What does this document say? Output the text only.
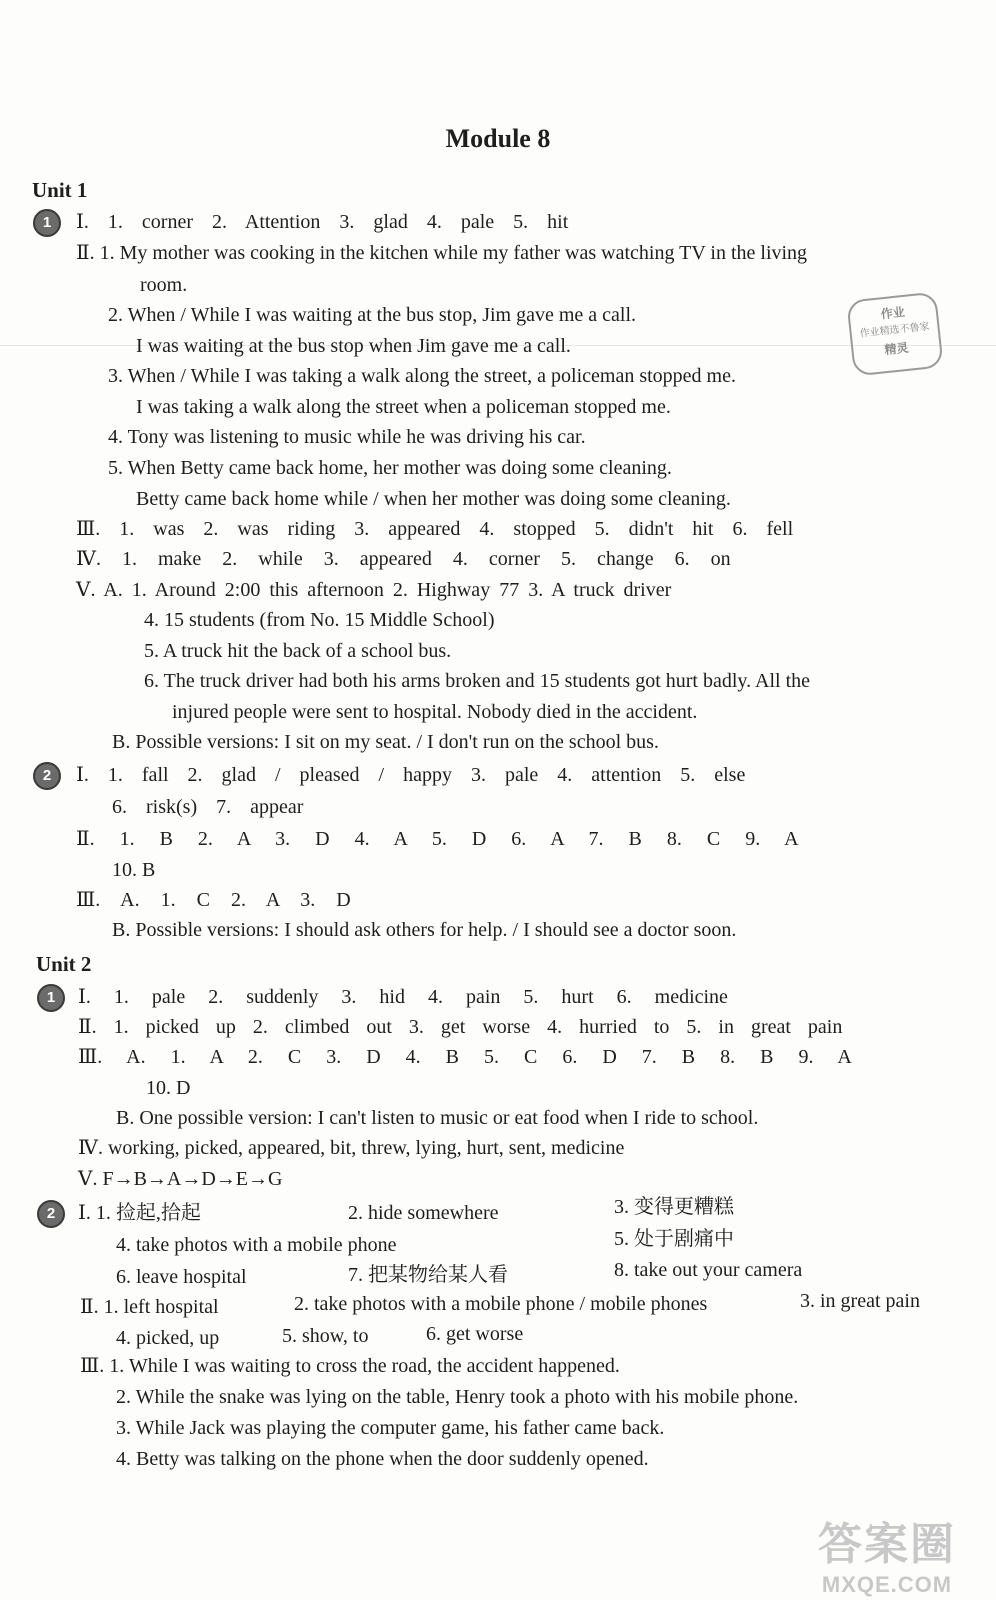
Module 8
Unit 1
1	Ⅰ. 1. corner 2. Attention 3. glad 4. pale 5. hit
Ⅱ. 1. My mother was cooking in the kitchen while my father was watching TV in the living
room.
2. When / While I was waiting at the bus stop, Jim gave me a call.
I was waiting at the bus stop when Jim gave me a call.
3. When / While I was taking a walk along the street, a policeman stopped me.
I was taking a walk along the street when a policeman stopped me.
4. Tony was listening to music while he was driving his car.
5. When Betty came back home, her mother was doing some cleaning.
Betty came back home while / when her mother was doing some cleaning.
Ⅲ. 1. was 2. was riding 3. appeared 4. stopped 5. didn't hit 6. fell
Ⅳ. 1. make 2. while 3. appeared 4. corner 5. change 6. on
Ⅴ. A. 1. Around 2:00 this afternoon 2. Highway 77 3. A truck driver
4. 15 students (from No. 15 Middle School)
5. A truck hit the back of a school bus.
6. The truck driver had both his arms broken and 15 students got hurt badly. All the
injured people were sent to hospital. Nobody died in the accident.
B. Possible versions: I sit on my seat. / I don't run on the school bus.
2	Ⅰ. 1. fall 2. glad / pleased / happy 3. pale 4. attention 5. else
6. risk(s) 7. appear
Ⅱ. 1. B 2. A 3. D 4. A 5. D 6. A 7. B 8. C 9. A
10. B
Ⅲ. A. 1. C 2. A 3. D
B. Possible versions: I should ask others for help. / I should see a doctor soon.
Unit 2
1	Ⅰ. 1. pale 2. suddenly 3. hid 4. pain 5. hurt 6. medicine
Ⅱ. 1. picked up 2. climbed out 3. get worse 4. hurried to 5. in great pain
Ⅲ. A. 1. A 2. C 3. D 4. B 5. C 6. D 7. B 8. B 9. A
10. D
B. One possible version: I can't listen to music or eat food when I ride to school.
Ⅳ. working, picked, appeared, bit, threw, lying, hurt, sent, medicine
Ⅴ. F→B→A→D→E→G
2	Ⅰ. 1. 捡起,拾起	2. hide somewhere	3. 变得更糟糕
4. take photos with a mobile phone	5. 处于剧痛中
6. leave hospital	7. 把某物给某人看	8. take out your camera
Ⅱ. 1. left hospital	2. take photos with a mobile phone / mobile phones	3. in great pain
4. picked, up	5. show, to	6. get worse
Ⅲ. 1. While I was waiting to cross the road, the accident happened.
2. While the snake was lying on the table, Henry took a photo with his mobile phone.
3. While Jack was playing the computer game, his father came back.
4. Betty was talking on the phone when the door suddenly opened.
作业
作业精选不鲁家
精灵
答案圈
MXQE.COM
